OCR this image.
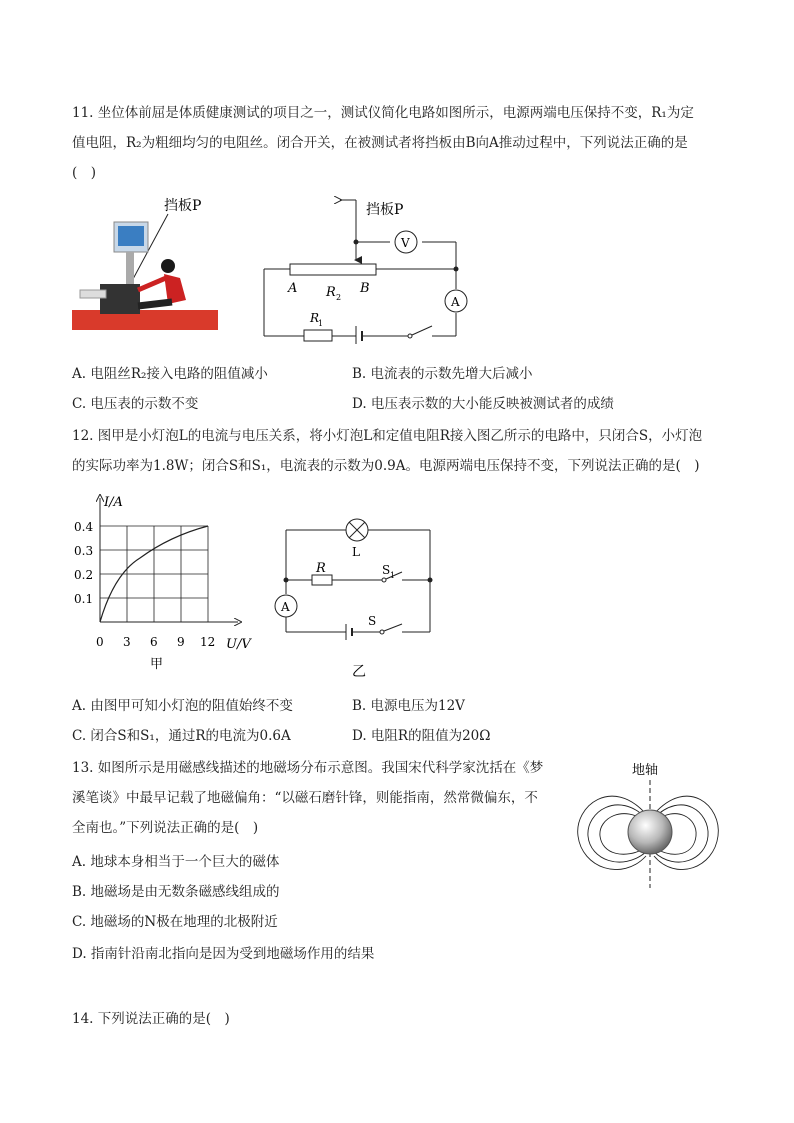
11. 坐位体前屈是体质健康测试的项目之一，测试仪简化电路如图所示，电源两端电压保持不变，R₁为定
值电阻，R₂为粗细均匀的电阻丝。闭合开关，在被测试者将挡板由B向A推动过程中，下列说法正确的是
(　)
挡板P	挡板P
V
A
A R 2
B
R
1
A. 电阻丝R₂接入电路的阻值减小	B. 电流表的示数先增大后减小
C. 电压表的示数不变	D. 电压表示数的大小能反映被测试者的成绩
12. 图甲是小灯泡L的电流与电压关系，将小灯泡L和定值电阻R接入图乙所示的电路中，只闭合S，小灯泡
的实际功率为1.8W；闭合S和S₁，电流表的示数为0.9A。电源两端电压保持不变，下列说法正确的是(　)
I/A
U/V
0.4
0.3
0.2
0.1
0 3 6 9 12
甲
L
R	S 1
A
S
乙
A. 由图甲可知小灯泡的阻值始终不变	B. 电源电压为12V
C. 闭合S和S₁，通过R的电流为0.6A	D. 电阻R的阻值为20Ω
13. 如图所示是用磁感线描述的地磁场分布示意图。我国宋代科学家沈括在《梦
溪笔谈》中最早记载了地磁偏角：“以磁石磨针锋，则能指南，然常微偏东，不
全南也。”下列说法正确的是(　)
地轴
A. 地球本身相当于一个巨大的磁体
B. 地磁场是由无数条磁感线组成的
C. 地磁场的N极在地理的北极附近
D. 指南针沿南北指向是因为受到地磁场作用的结果
14. 下列说法正确的是(　)
